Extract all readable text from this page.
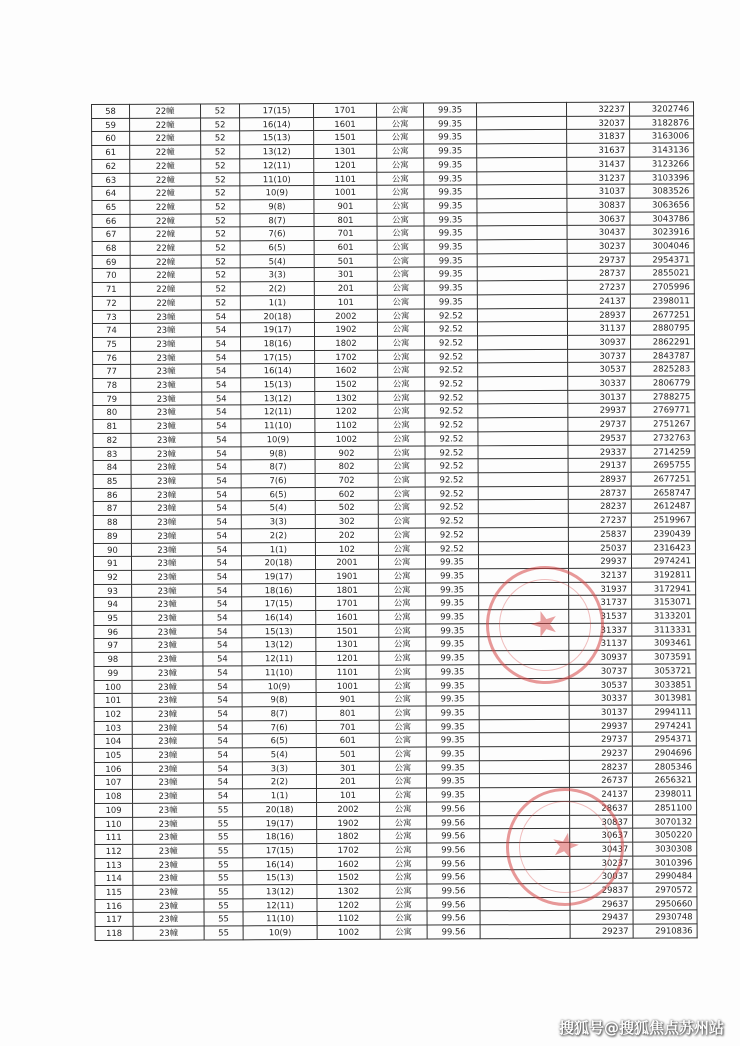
58	22幢	52	17(15)	1701	公寓	99.35		32237	3202746
59	22幢	52	16(14)	1601	公寓	99.35		32037	3182876
60	22幢	52	15(13)	1501	公寓	99.35		31837	3163006
61	22幢	52	13(12)	1301	公寓	99.35		31637	3143136
62	22幢	52	12(11)	1201	公寓	99.35		31437	3123266
63	22幢	52	11(10)	1101	公寓	99.35		31237	3103396
64	22幢	52	10(9)	1001	公寓	99.35		31037	3083526
65	22幢	52	9(8)	901	公寓	99.35		30837	3063656
66	22幢	52	8(7)	801	公寓	99.35		30637	3043786
67	22幢	52	7(6)	701	公寓	99.35		30437	3023916
68	22幢	52	6(5)	601	公寓	99.35		30237	3004046
69	22幢	52	5(4)	501	公寓	99.35		29737	2954371
70	22幢	52	3(3)	301	公寓	99.35		28737	2855021
71	22幢	52	2(2)	201	公寓	99.35		27237	2705996
72	22幢	52	1(1)	101	公寓	99.35		24137	2398011
73	23幢	54	20(18)	2002	公寓	92.52		28937	2677251
74	23幢	54	19(17)	1902	公寓	92.52		31137	2880795
75	23幢	54	18(16)	1802	公寓	92.52		30937	2862291
76	23幢	54	17(15)	1702	公寓	92.52		30737	2843787
77	23幢	54	16(14)	1602	公寓	92.52		30537	2825283
78	23幢	54	15(13)	1502	公寓	92.52		30337	2806779
79	23幢	54	13(12)	1302	公寓	92.52		30137	2788275
80	23幢	54	12(11)	1202	公寓	92.52		29937	2769771
81	23幢	54	11(10)	1102	公寓	92.52		29737	2751267
82	23幢	54	10(9)	1002	公寓	92.52		29537	2732763
83	23幢	54	9(8)	902	公寓	92.52		29337	2714259
84	23幢	54	8(7)	802	公寓	92.52		29137	2695755
85	23幢	54	7(6)	702	公寓	92.52		28937	2677251
86	23幢	54	6(5)	602	公寓	92.52		28737	2658747
87	23幢	54	5(4)	502	公寓	92.52		28237	2612487
88	23幢	54	3(3)	302	公寓	92.52		27237	2519967
89	23幢	54	2(2)	202	公寓	92.52		25837	2390439
90	23幢	54	1(1)	102	公寓	92.52		25037	2316423
91	23幢	54	20(18)	2001	公寓	99.35		29937	2974241
92	23幢	54	19(17)	1901	公寓	99.35		32137	3192811
93	23幢	54	18(16)	1801	公寓	99.35		31937	3172941
94	23幢	54	17(15)	1701	公寓	99.35		31737	3153071
95	23幢	54	16(14)	1601	公寓	99.35		31537	3133201
96	23幢	54	15(13)	1501	公寓	99.35		31337	3113331
97	23幢	54	13(12)	1301	公寓	99.35		31137	3093461
98	23幢	54	12(11)	1201	公寓	99.35		30937	3073591
99	23幢	54	11(10)	1101	公寓	99.35		30737	3053721
100	23幢	54	10(9)	1001	公寓	99.35		30537	3033851
101	23幢	54	9(8)	901	公寓	99.35		30337	3013981
102	23幢	54	8(7)	801	公寓	99.35		30137	2994111
103	23幢	54	7(6)	701	公寓	99.35		29937	2974241
104	23幢	54	6(5)	601	公寓	99.35		29737	2954371
105	23幢	54	5(4)	501	公寓	99.35		29237	2904696
106	23幢	54	3(3)	301	公寓	99.35		28237	2805346
107	23幢	54	2(2)	201	公寓	99.35		26737	2656321
108	23幢	54	1(1)	101	公寓	99.35		24137	2398011
109	23幢	55	20(18)	2002	公寓	99.56		28637	2851100
110	23幢	55	19(17)	1902	公寓	99.56		30837	3070132
111	23幢	55	18(16)	1802	公寓	99.56		30637	3050220
112	23幢	55	17(15)	1702	公寓	99.56		30437	3030308
113	23幢	55	16(14)	1602	公寓	99.56		30237	3010396
114	23幢	55	15(13)	1502	公寓	99.56		30037	2990484
115	23幢	55	13(12)	1302	公寓	99.56		29837	2970572
116	23幢	55	12(11)	1202	公寓	99.56		29637	2950660
117	23幢	55	11(10)	1102	公寓	99.56		29437	2930748
118	23幢	55	10(9)	1002	公寓	99.56		29237	2910836
★
★
搜狐号@搜狐焦点苏州站
